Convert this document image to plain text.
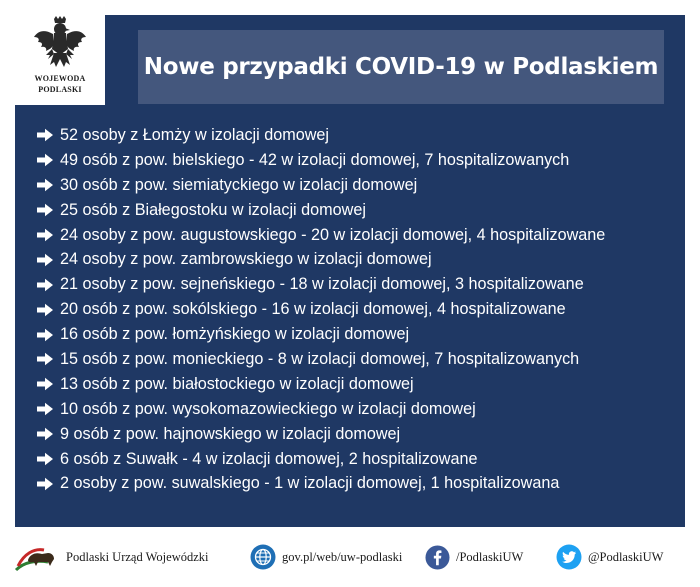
WOJEWODA
PODLASKI
Nowe przypadki COVID-19 w Podlaskiem
52 osoby z Łomży w izolacji domowej
49 osób z pow. bielskiego - 42 w izolacji domowej, 7 hospitalizowanych
30 osób z pow. siemiatyckiego w izolacji domowej
25 osób z Białegostoku w izolacji domowej
24 osoby z pow. augustowskiego - 20 w izolacji domowej, 4 hospitalizowane
24 osoby z pow. zambrowskiego w izolacji domowej
21 osoby z pow. sejneńskiego - 18 w izolacji domowej, 3 hospitalizowane
20 osób z pow. sokólskiego - 16 w izolacji domowej, 4 hospitalizowane
16 osób z pow. łomżyńskiego w izolacji domowej
15 osób z pow. monieckiego - 8 w izolacji domowej, 7 hospitalizowanych
13 osób z pow. białostockiego w izolacji domowej
10 osób z pow. wysokomazowieckiego w izolacji domowej
9 osób z pow. hajnowskiego w izolacji domowej
6 osób z Suwałk - 4 w izolacji domowej, 2 hospitalizowane
2 osoby z pow. suwalskiego - 1 w izolacji domowej, 1 hospitalizowana
Podlaski Urząd Wojewódzki	gov.pl/web/uw-podlaski	/PodlaskiUW	@PodlaskiUW
